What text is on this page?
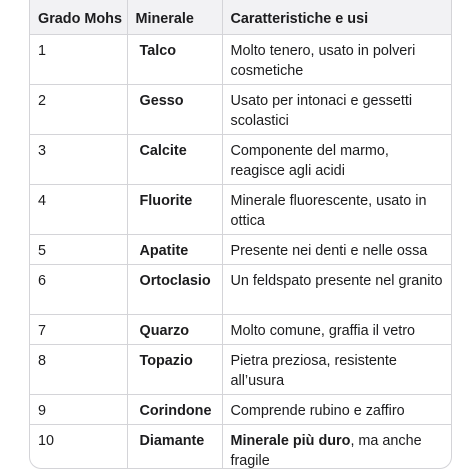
Grado Mohs	Minerale	Caratteristiche e usi
1	Talco	Molto tenero, usato in polveri cosmetiche
2	Gesso	Usato per intonaci e gessetti scolastici
3	Calcite	Componente del marmo, reagisce agli acidi
4	Fluorite	Minerale fluorescente, usato in ottica
5	Apatite	Presente nei denti e nelle ossa
6	Ortoclasio	Un feldspato presente nel granito
7	Quarzo	Molto comune, graffia il vetro
8	Topazio	Pietra preziosa, resistente all’usura
9	Corindone	Comprende rubino e zaffiro
10	Diamante	Minerale più duro, ma anche fragile
